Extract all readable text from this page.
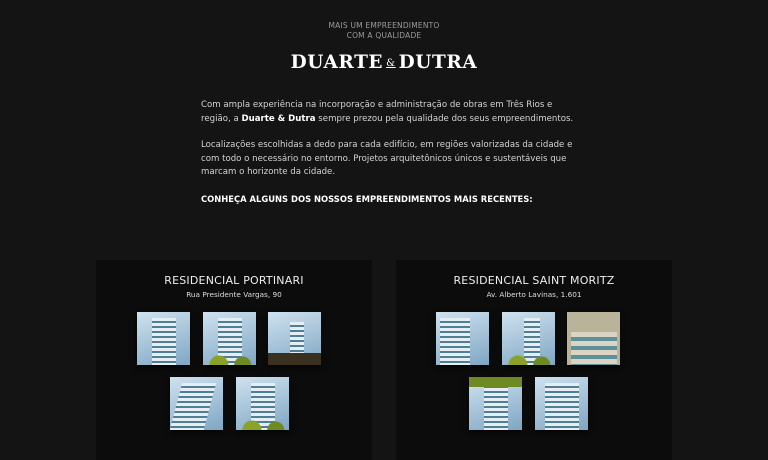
MAIS UM EMPREENDIMENTO
COM A QUALIDADE
DUARTE & DUTRA

Com ampla experiência na incorporação e administração de obras em Três Rios e região, a Duarte & Dutra sempre prezou pela qualidade dos seus empreendimentos.

Localizações escolhidas a dedo para cada edifício, em regiões valorizadas da cidade e com todo o necessário no entorno. Projetos arquitetônicos únicos e sustentáveis que marcam o horizonte da cidade.

CONHEÇA ALGUNS DOS NOSSOS EMPREENDIMENTOS MAIS RECENTES:

RESIDENCIAL PORTINARI
Rua Presidente Vargas, 90
RESIDENCIAL SAINT MORITZ
Av. Alberto Lavinas, 1.601
